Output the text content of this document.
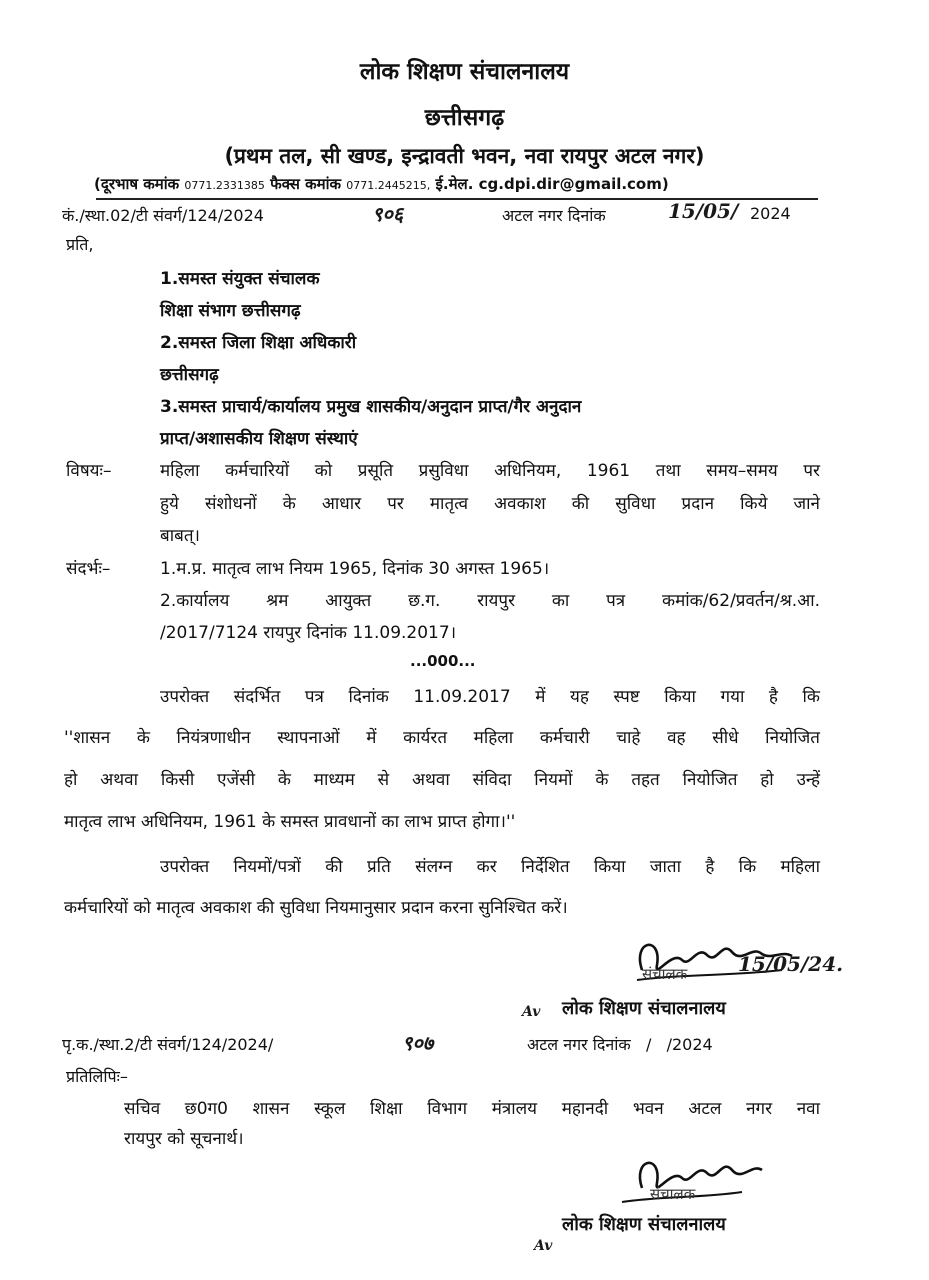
लोक शिक्षण संचालनालय
छत्तीसगढ़
(प्रथम तल, सी खण्ड, इन्द्रावती भवन, नवा रायपुर अटल नगर)
(दूरभाष कमांक 0771.2331385 फैक्स कमांक 0771.2445215, ई.मेल. cg.dpi.dir@gmail.com)
कं./स्था.02/टी संवर्ग/124/2024	९०६	अटल नगर दिनांक	15/05/ 2024
प्रति,
1.समस्त संयुक्त संचालक
शिक्षा संभाग छत्तीसगढ़
2.समस्त जिला शिक्षा अधिकारी
छत्तीसगढ़
3.समस्त प्राचार्य/कार्यालय प्रमुख शासकीय/अनुदान प्राप्त/गैर अनुदान
प्राप्त/अशासकीय शिक्षण संस्थाएं
विषयः–	महिला कर्मचारियों को प्रसूति प्रसुविधा अधिनियम, 1961 तथा समय–समय पर
हुये संशोधनों के आधार पर मातृत्व अवकाश की सुविधा प्रदान किये जाने
बाबत्।
संदर्भः–	1.म.प्र. मातृत्व लाभ नियम 1965, दिनांक 30 अगस्त 1965।
2.कार्यालय श्रम आयुक्त छ.ग. रायपुर का पत्र कमांक/62/प्रवर्तन/श्र.आ.
/2017/7124 रायपुर दिनांक 11.09.2017।
...000...
उपरोक्त संदर्भित पत्र दिनांक 11.09.2017 में यह स्पष्ट किया गया है कि
''शासन के नियंत्रणाधीन स्थापनाओं में कार्यरत महिला कर्मचारी चाहे वह सीधे नियोजित
हो अथवा किसी एजेंसी के माध्यम से अथवा संविदा नियमों के तहत नियोजित हो उन्हें
मातृत्व लाभ अधिनियम, 1961 के समस्त प्रावधानों का लाभ प्राप्त होगा।''
उपरोक्त नियमों/पत्रों की प्रति संलग्न कर निर्देशित किया जाता है कि महिला
कर्मचारियों को मातृत्व अवकाश की सुविधा नियमानुसार प्रदान करना सुनिश्चित करें।
15/05/24.
संचालक
Av लोक शिक्षण संचालनालय
पृ.क./स्था.2/टी संवर्ग/124/2024/	९०७	अटल नगर दिनांक   /   /2024
प्रतिलिपिः–
सचिव छ0ग0 शासन स्कूल शिक्षा विभाग मंत्रालय महानदी भवन अटल नगर नवा
रायपुर को सूचनार्थ।
संचालक
लोक शिक्षण संचालनालय
Av
